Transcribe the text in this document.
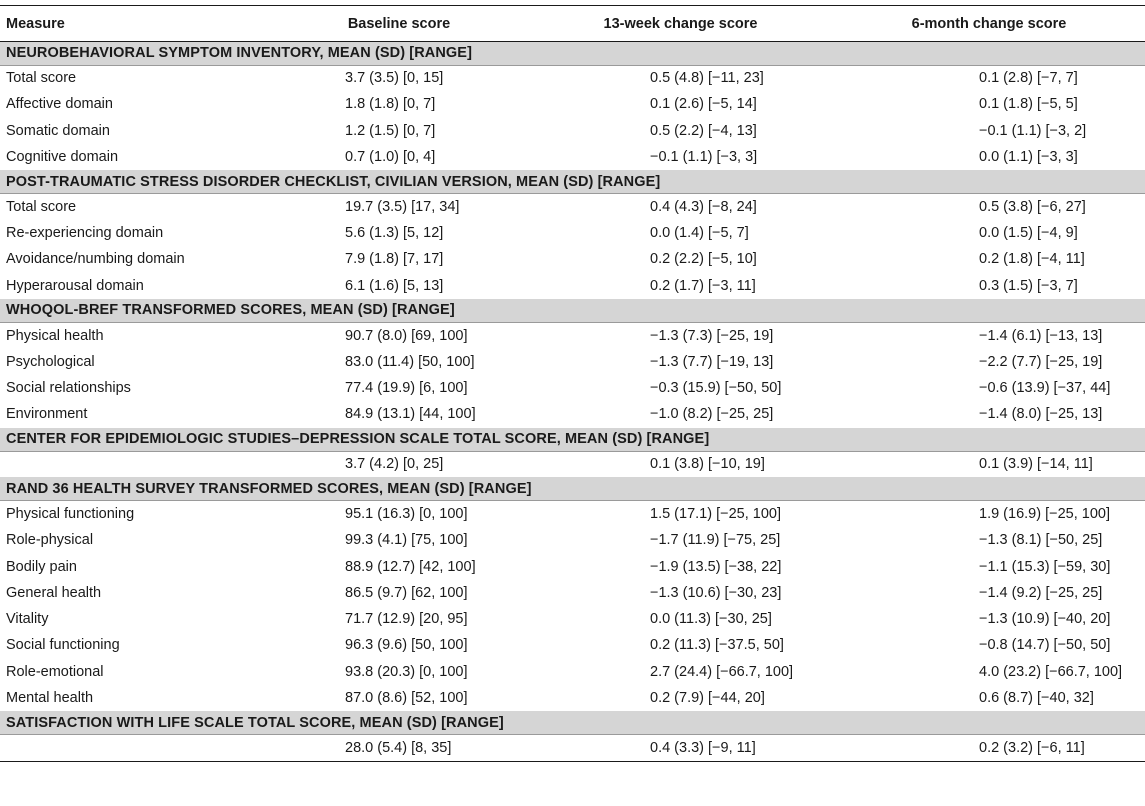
Measure	Baseline score	13-week change score	6-month change score
NEUROBEHAVIORAL SYMPTOM INVENTORY, MEAN (SD) [RANGE]			
Total score	3.7 (3.5) [0, 15]	0.5 (4.8) [−11, 23]	0.1 (2.8) [−7, 7]
Affective domain	1.8 (1.8) [0, 7]	0.1 (2.6) [−5, 14]	0.1 (1.8) [−5, 5]
Somatic domain	1.2 (1.5) [0, 7]	0.5 (2.2) [−4, 13]	−0.1 (1.1) [−3, 2]
Cognitive domain	0.7 (1.0) [0, 4]	−0.1 (1.1) [−3, 3]	0.0 (1.1) [−3, 3]
POST-TRAUMATIC STRESS DISORDER CHECKLIST, CIVILIAN VERSION, MEAN (SD) [RANGE]			
Total score	19.7 (3.5) [17, 34]	0.4 (4.3) [−8, 24]	0.5 (3.8) [−6, 27]
Re-experiencing domain	5.6 (1.3) [5, 12]	0.0 (1.4) [−5, 7]	0.0 (1.5) [−4, 9]
Avoidance/numbing domain	7.9 (1.8) [7, 17]	0.2 (2.2) [−5, 10]	0.2 (1.8) [−4, 11]
Hyperarousal domain	6.1 (1.6) [5, 13]	0.2 (1.7) [−3, 11]	0.3 (1.5) [−3, 7]
WHOQOL-BREF TRANSFORMED SCORES, MEAN (SD) [RANGE]			
Physical health	90.7 (8.0) [69, 100]	−1.3 (7.3) [−25, 19]	−1.4 (6.1) [−13, 13]
Psychological	83.0 (11.4) [50, 100]	−1.3 (7.7) [−19, 13]	−2.2 (7.7) [−25, 19]
Social relationships	77.4 (19.9) [6, 100]	−0.3 (15.9) [−50, 50]	−0.6 (13.9) [−37, 44]
Environment	84.9 (13.1) [44, 100]	−1.0 (8.2) [−25, 25]	−1.4 (8.0) [−25, 13]
CENTER FOR EPIDEMIOLOGIC STUDIES–DEPRESSION SCALE TOTAL SCORE, MEAN (SD) [RANGE]			
	3.7 (4.2) [0, 25]	0.1 (3.8) [−10, 19]	0.1 (3.9) [−14, 11]
RAND 36 HEALTH SURVEY TRANSFORMED SCORES, MEAN (SD) [RANGE]			
Physical functioning	95.1 (16.3) [0, 100]	1.5 (17.1) [−25, 100]	1.9 (16.9) [−25, 100]
Role-physical	99.3 (4.1) [75, 100]	−1.7 (11.9) [−75, 25]	−1.3 (8.1) [−50, 25]
Bodily pain	88.9 (12.7) [42, 100]	−1.9 (13.5) [−38, 22]	−1.1 (15.3) [−59, 30]
General health	86.5 (9.7) [62, 100]	−1.3 (10.6) [−30, 23]	−1.4 (9.2) [−25, 25]
Vitality	71.7 (12.9) [20, 95]	0.0 (11.3) [−30, 25]	−1.3 (10.9) [−40, 20]
Social functioning	96.3 (9.6) [50, 100]	0.2 (11.3) [−37.5, 50]	−0.8 (14.7) [−50, 50]
Role-emotional	93.8 (20.3) [0, 100]	2.7 (24.4) [−66.7, 100]	4.0 (23.2) [−66.7, 100]
Mental health	87.0 (8.6) [52, 100]	0.2 (7.9) [−44, 20]	0.6 (8.7) [−40, 32]
SATISFACTION WITH LIFE SCALE TOTAL SCORE, MEAN (SD) [RANGE]			
	28.0 (5.4) [8, 35]	0.4 (3.3) [−9, 11]	0.2 (3.2) [−6, 11]
